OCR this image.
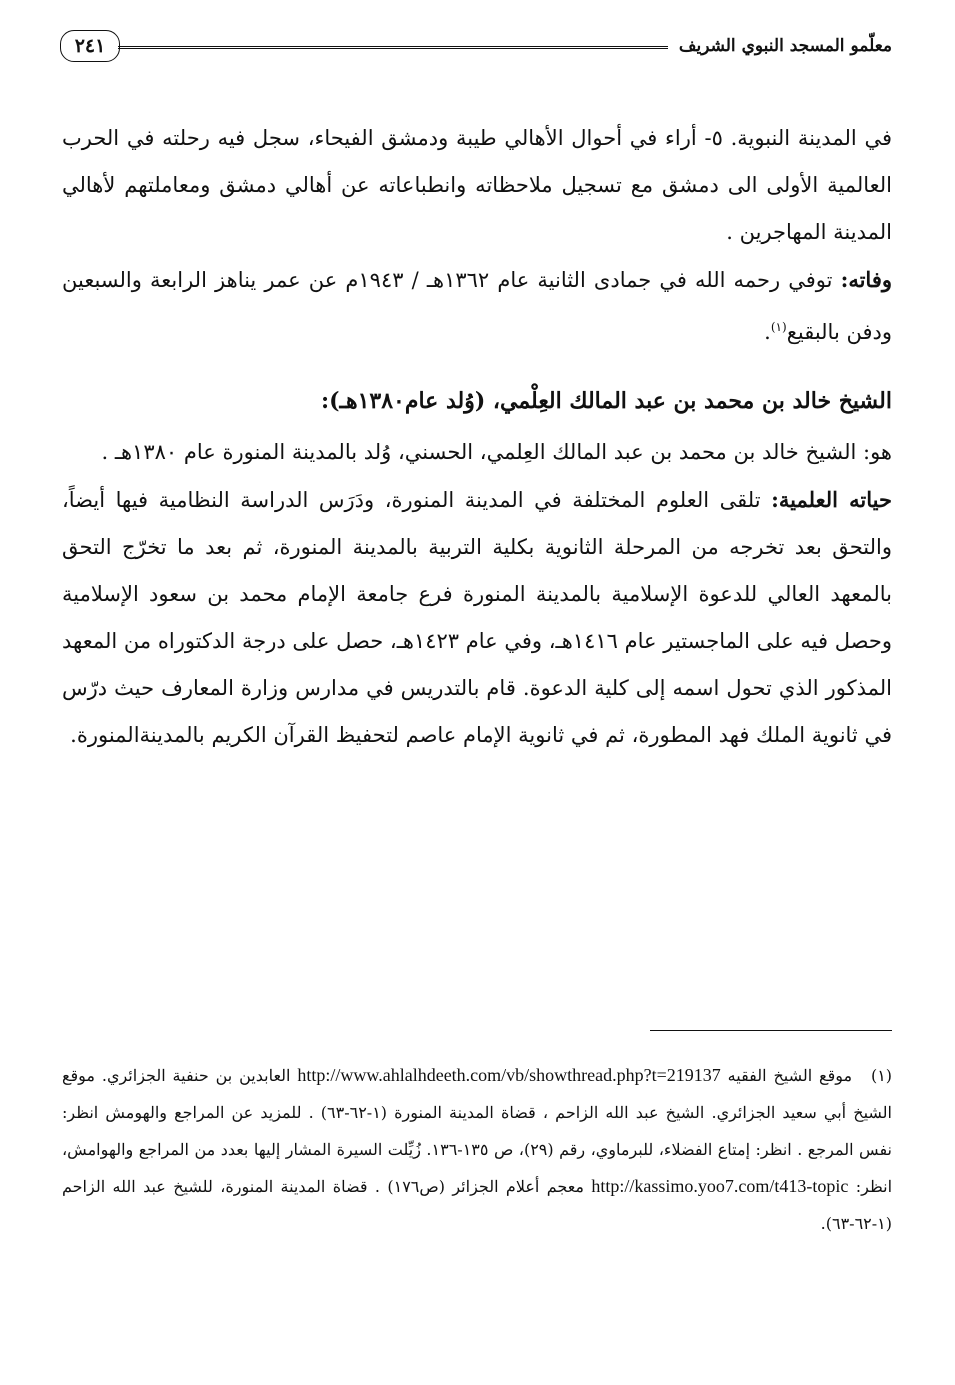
معلّمو المسجد النبوي الشريف
٢٤١

في المدينة النبوية. ٥- أراء في أحوال الأهالي طيبة ودمشق الفيحاء، سجل فيه رحلته في الحرب العالمية الأولى الى دمشق مع تسجيل ملاحظاته وانطباعاته عن أهالي دمشق ومعاملتهم لأهالي المدينة المهاجرين .

وفاته: توفي رحمه الله في جمادى الثانية عام ١٣٦٢هـ / ١٩٤٣م عن عمر يناهز الرابعة والسبعين ودفن بالبقيع$^{(١)}$.

الشيخ خالد بن محمد بن عبد المالك العِلْمي، (وُلد عام١٣٨٠هـ):

هو: الشيخ خالد بن محمد بن عبد المالك العِلمي، الحسني، وُلد بالمدينة المنورة عام ١٣٨٠هـ .

حياته العلمية: تلقى العلوم المختلفة في المدينة المنورة، ودَرَس الدراسة النظامية فيها أيضاً، والتحق بعد تخرجه من المرحلة الثانوية بكلية التربية بالمدينة المنورة، ثم بعد ما تخرّج التحق بالمعهد العالي للدعوة الإسلامية بالمدينة المنورة فرع جامعة الإمام محمد بن سعود الإسلامية وحصل فيه على الماجستير عام ١٤١٦هـ، وفي عام ١٤٢٣هـ، حصل على درجة الدكتوراه من المعهد المذكور الذي تحول اسمه إلى كلية الدعوة. قام بالتدريس في مدارس وزارة المعارف حيث درّس في ثانوية الملك فهد المطورة، ثم في ثانوية الإمام عاصم لتحفيظ القرآن الكريم بالمدينةالمنورة.

(١) موقع الشيخ الفقيه http://www.ahlalhdeeth.com/vb/showthread.php?t=219137 العابدين بن حنفية الجزائري. موقع الشيخ أبي سعيد الجزائري. الشيخ عبد الله الزاحم ، قضاة المدينة المنورة (١-٦٢-٦٣) . للمزيد عن المراجع والهومش انظر: نفس المرجع . انظر: إمتاع الفضلاء، للبرماوي، رقم (٢٩)، ص ١٣٥-١٣٦. زُيِّلت السيرة المشار إليها بعدد من المراجع والهوامش، انظر: http://kassimo.yoo7.com/t413-topic معجم أعلام الجزائر (ص١٧٦) . قضاة المدينة المنورة، للشيخ عبد الله الزاحم (١-٦٢-٦٣).
